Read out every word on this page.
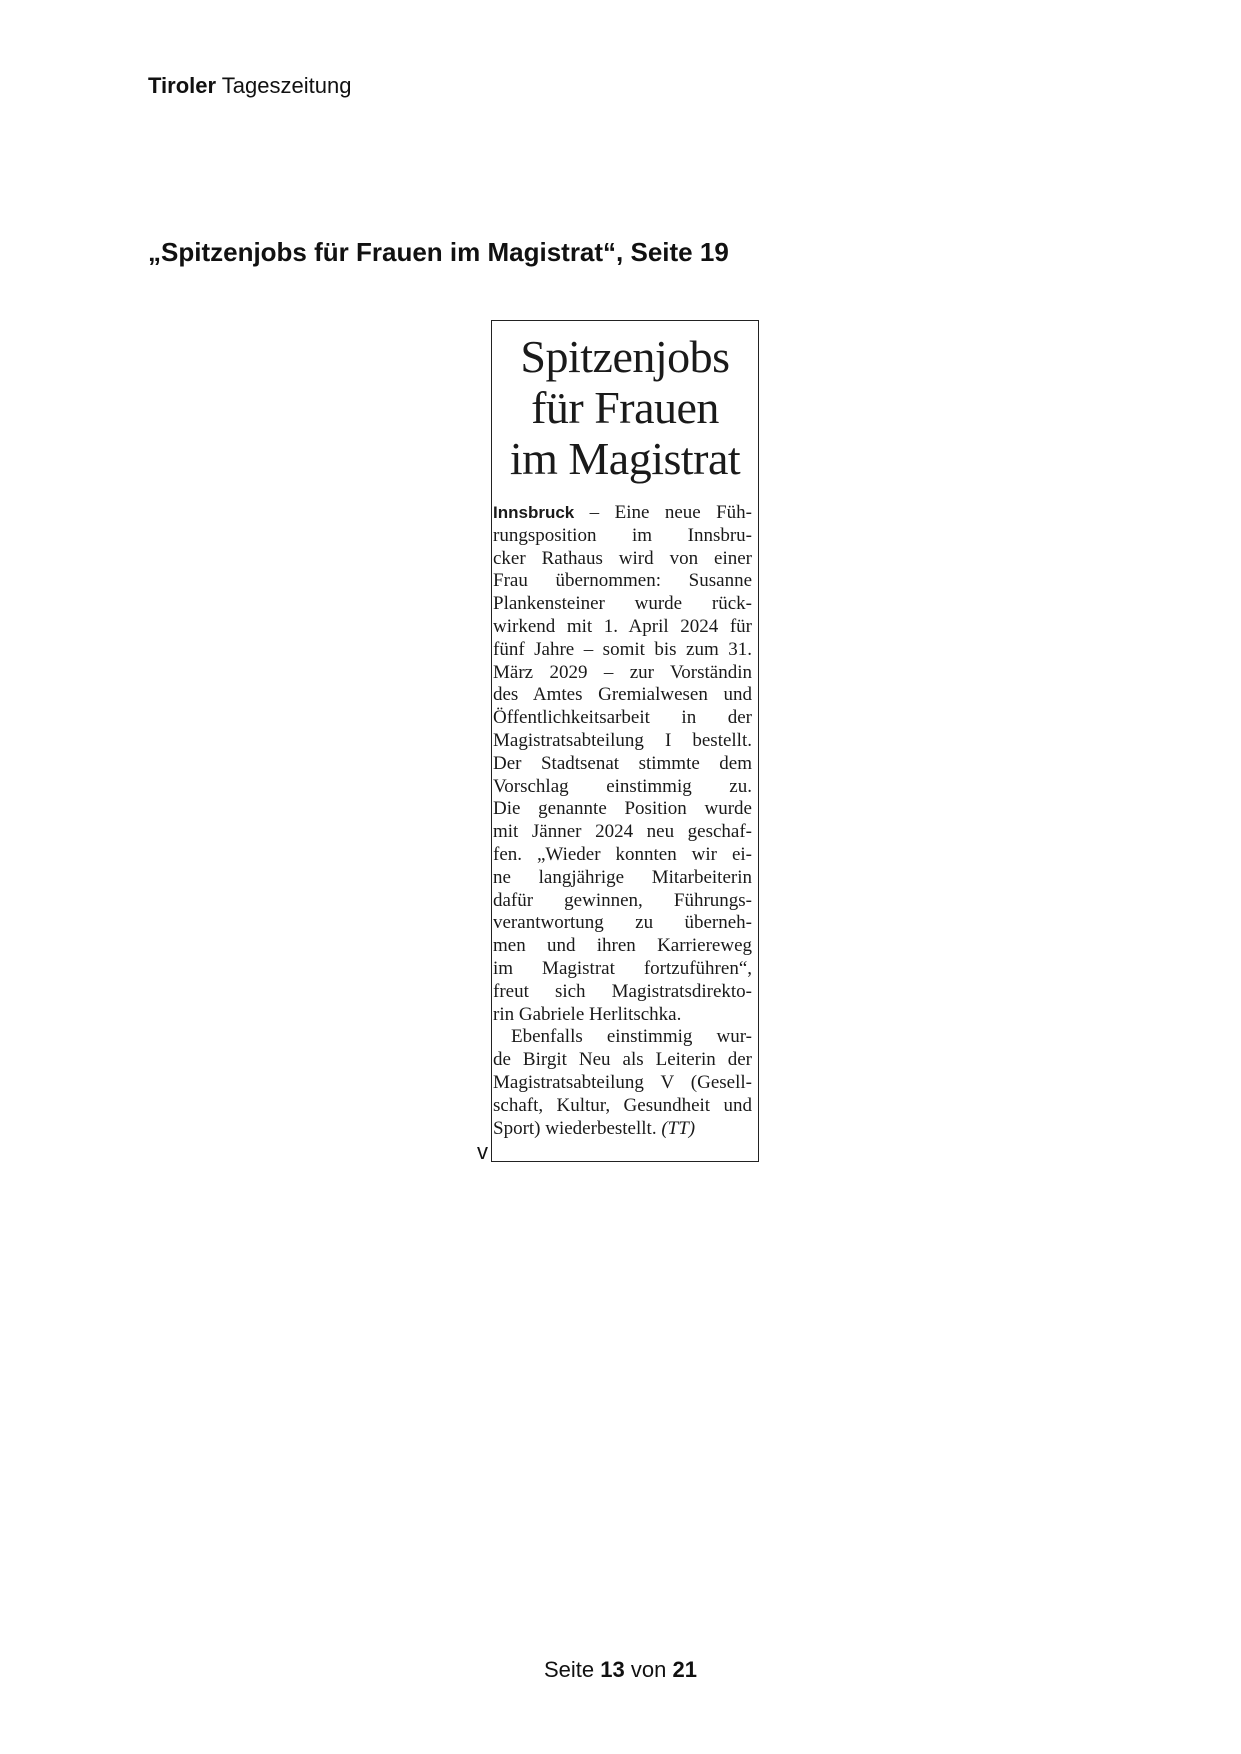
Tiroler Tageszeitung
„Spitzenjobs für Frauen im Magistrat“, Seite 19
Spitzenjobs
für Frauen
im Magistrat
Innsbruck – Eine neue Füh-
rungsposition im Innsbru-
cker Rathaus wird von einer
Frau übernommen: Susanne
Plankensteiner wurde rück-
wirkend mit 1. April 2024 für
fünf Jahre – somit bis zum 31.
März 2029 – zur Vorständin
des Amtes Gremialwesen und
Öffentlichkeitsarbeit in der
Magistratsabteilung I bestellt.
Der Stadtsenat stimmte dem
Vorschlag einstimmig zu.
Die genannte Position wurde
mit Jänner 2024 neu geschaf-
fen. „Wieder konnten wir ei-
ne langjährige Mitarbeiterin
dafür gewinnen, Führungs-
verantwortung zu überneh-
men und ihren Karriereweg
im Magistrat fortzuführen“,
freut sich Magistratsdirekto-
rin Gabriele Herlitschka.
Ebenfalls einstimmig wur-
de Birgit Neu als Leiterin der
Magistratsabteilung V (Gesell-
schaft, Kultur, Gesundheit und
Sport) wiederbestellt. (TT)
v
Seite 13 von 21
